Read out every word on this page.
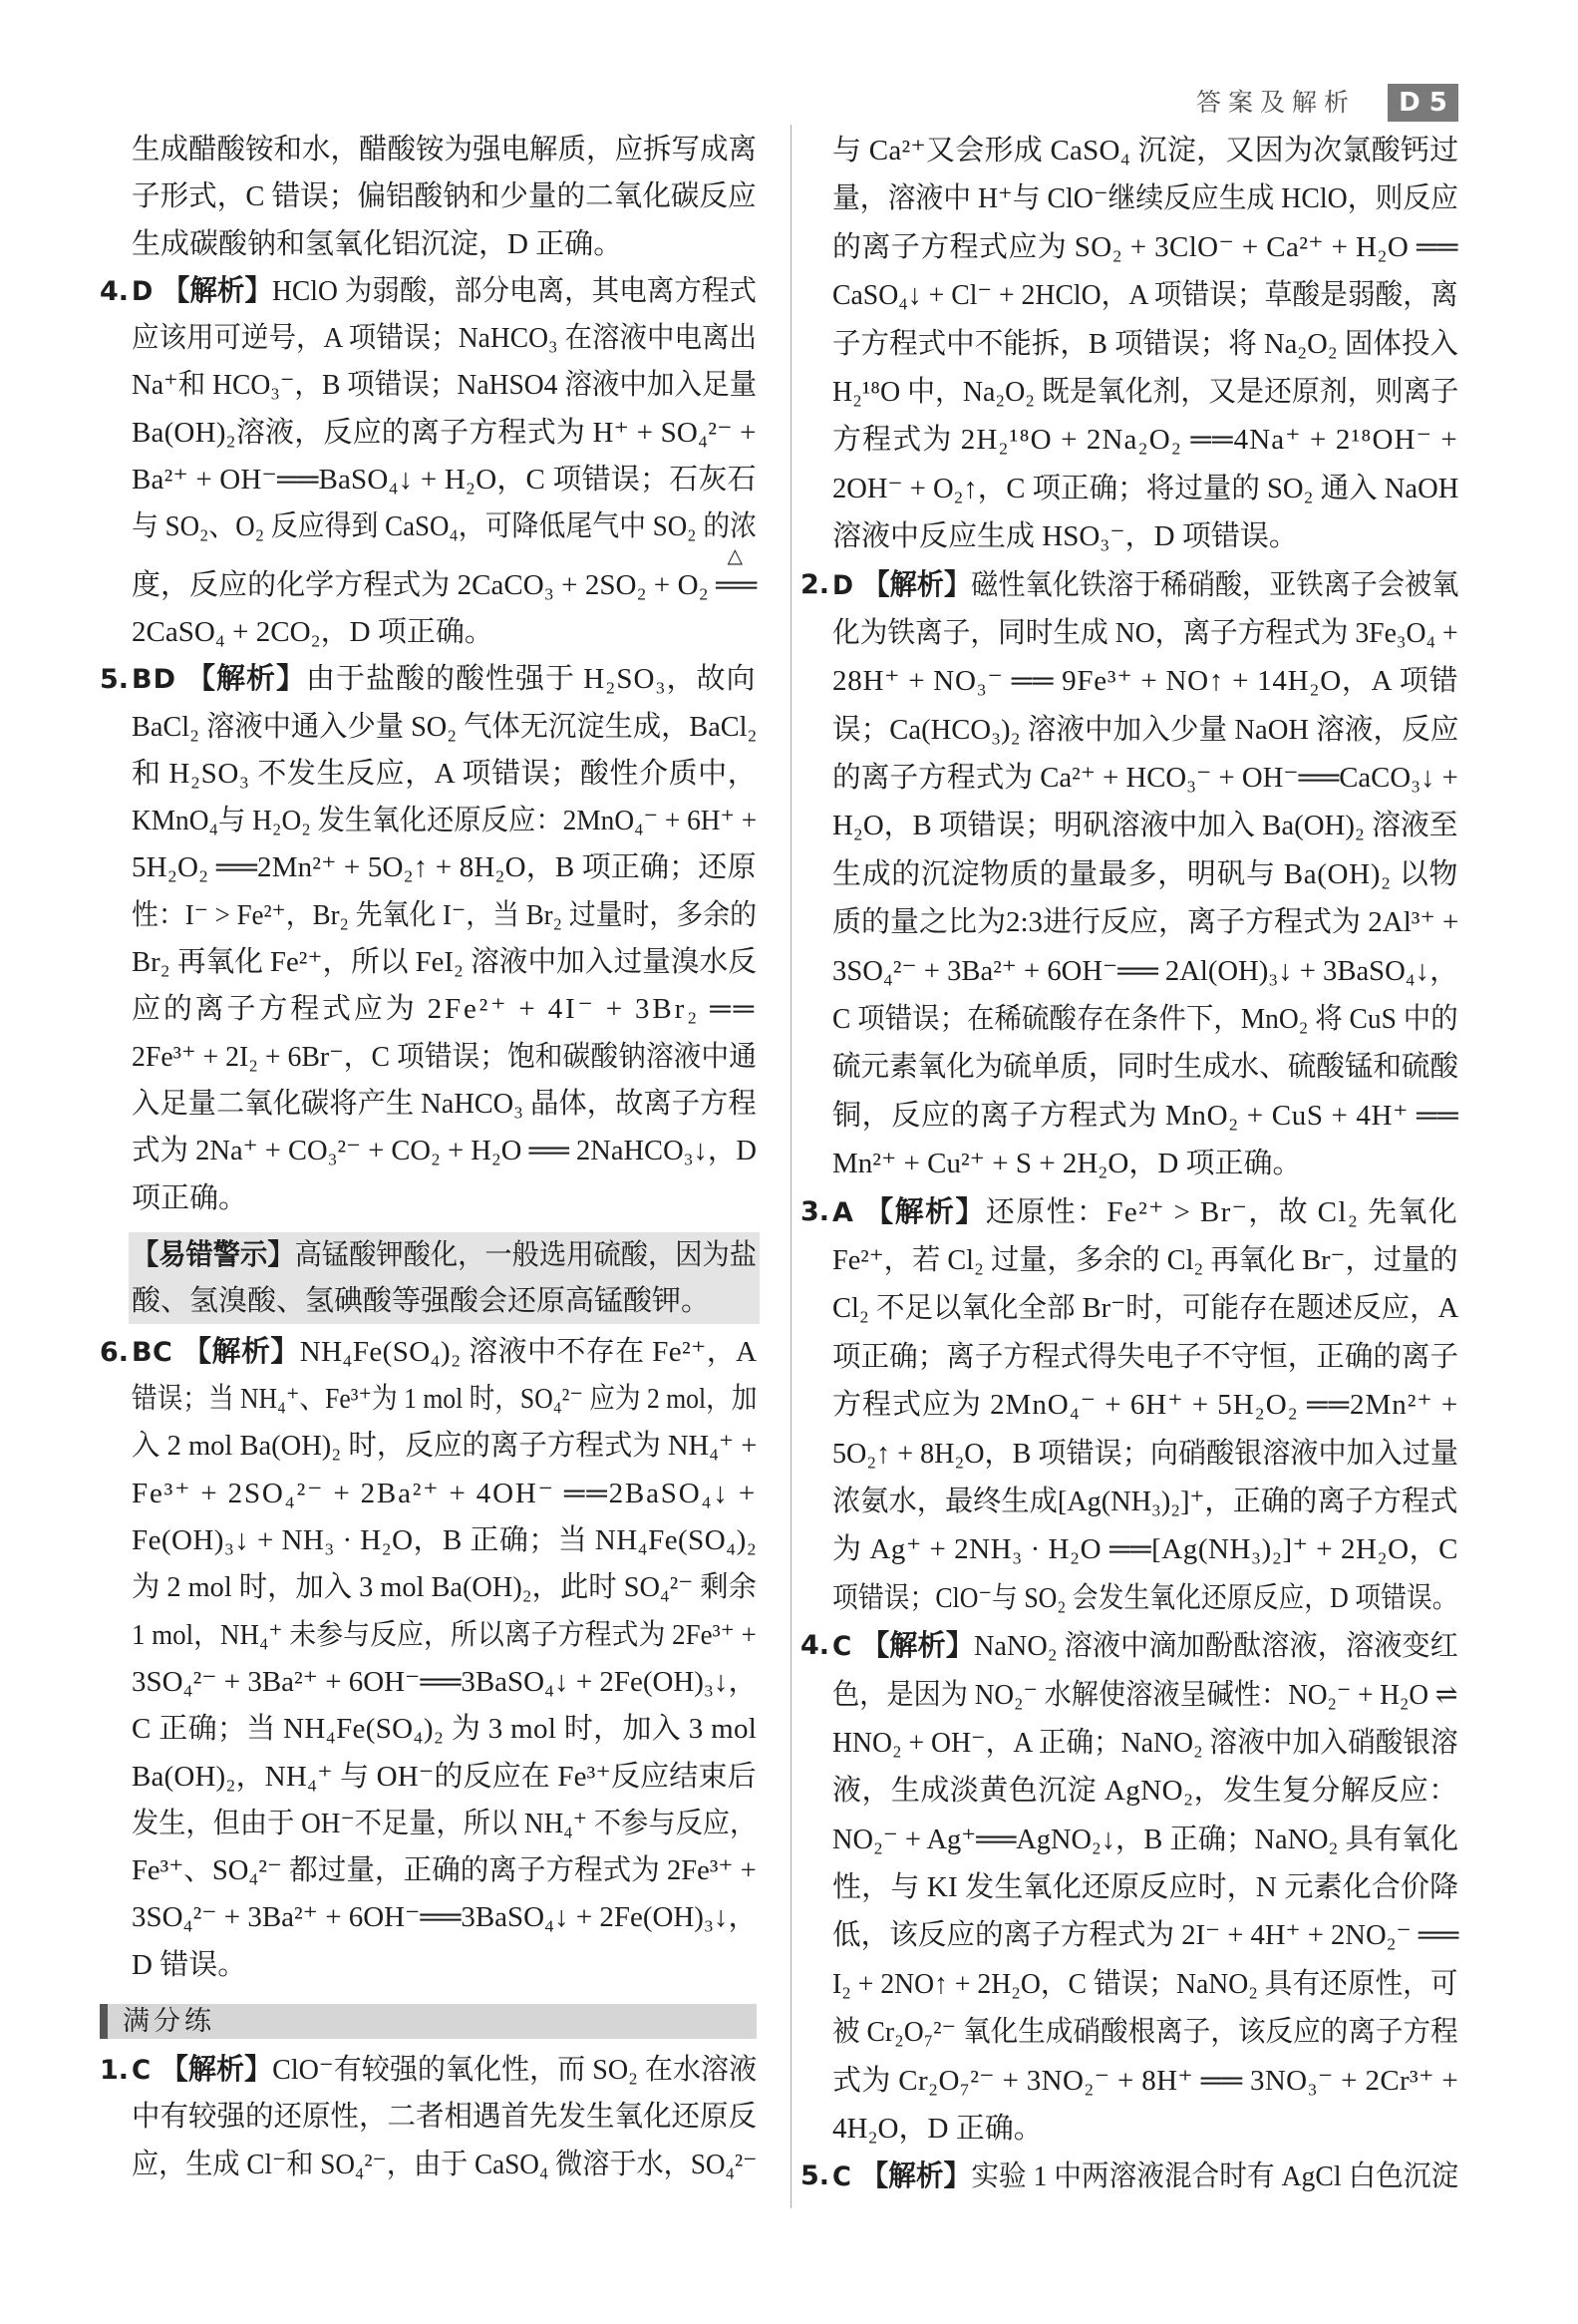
答案及解析	D 5
生成醋酸铵和水，醋酸铵为强电解质，应拆写成离
子形式，C 错误；偏铝酸钠和少量的二氧化碳反应
生成碳酸钠和氢氧化铝沉淀，D 正确。
D 【解析】HClO 为弱酸，部分电离，其电离方程式
4.
应该用可逆号，A 项错误；NaHCO₃ 在溶液中电离出
Na⁺和 HCO₃⁻，B 项错误；NaHSO4 溶液中加入足量
Ba(OH)₂溶液，反应的离子方程式为 H⁺ + SO₄²⁻ +
Ba²⁺ + OH⁻══BaSO₄↓ + H₂O，C 项错误；石灰石
与 SO₂、O₂ 反应得到 CaSO₄，可降低尾气中 SO₂ 的浓
度，反应的化学方程式为 2CaCO₃ + 2SO₂ + O₂ ══
△
2CaSO₄ + 2CO₂，D 项正确。
BD 【解析】由于盐酸的酸性强于 H₂SO₃，故向
5.
BaCl₂ 溶液中通入少量 SO₂ 气体无沉淀生成，BaCl₂
和 H₂SO₃ 不发生反应，A 项错误；酸性介质中，
KMnO₄与 H₂O₂ 发生氧化还原反应：2MnO₄⁻ + 6H⁺ +
5H₂O₂ ══2Mn²⁺ + 5O₂↑ + 8H₂O，B 项正确；还原
性：I⁻ > Fe²⁺，Br₂ 先氧化 I⁻，当 Br₂ 过量时，多余的
Br₂ 再氧化 Fe²⁺，所以 FeI₂ 溶液中加入过量溴水反
应的离子方程式应为 2Fe²⁺ + 4I⁻ + 3Br₂ ══
2Fe³⁺ + 2I₂ + 6Br⁻，C 项错误；饱和碳酸钠溶液中通
入足量二氧化碳将产生 NaHCO₃ 晶体，故离子方程
式为 2Na⁺ + CO₃²⁻ + CO₂ + H₂O ══ 2NaHCO₃↓，D
项正确。
【易错警示】高锰酸钾酸化，一般选用硫酸，因为盐
酸、氢溴酸、氢碘酸等强酸会还原高锰酸钾。
BC 【解析】NH₄Fe(SO₄)₂ 溶液中不存在 Fe²⁺，A
6.
错误；当 NH₄⁺、Fe³⁺为 1 mol 时，SO₄²⁻ 应为 2 mol，加
入 2 mol Ba(OH)₂ 时，反应的离子方程式为 NH₄⁺ +
Fe³⁺ + 2SO₄²⁻ + 2Ba²⁺ + 4OH⁻ ══2BaSO₄↓ +
Fe(OH)₃↓ + NH₃ · H₂O，B 正确；当 NH₄Fe(SO₄)₂
为 2 mol 时，加入 3 mol Ba(OH)₂，此时 SO₄²⁻ 剩余
1 mol，NH₄⁺ 未参与反应，所以离子方程式为 2Fe³⁺ +
3SO₄²⁻ + 3Ba²⁺ + 6OH⁻══3BaSO₄↓ + 2Fe(OH)₃↓，
C 正确；当 NH₄Fe(SO₄)₂ 为 3 mol 时，加入 3 mol
Ba(OH)₂，NH₄⁺ 与 OH⁻的反应在 Fe³⁺反应结束后
发生，但由于 OH⁻不足量，所以 NH₄⁺ 不参与反应，
Fe³⁺、SO₄²⁻ 都过量，正确的离子方程式为 2Fe³⁺ +
3SO₄²⁻ + 3Ba²⁺ + 6OH⁻══3BaSO₄↓ + 2Fe(OH)₃↓，
D 错误。
满分练
C 【解析】ClO⁻有较强的氧化性，而 SO₂ 在水溶液
1.
中有较强的还原性，二者相遇首先发生氧化还原反
应，生成 Cl⁻和 SO₄²⁻，由于 CaSO₄ 微溶于水，SO₄²⁻
与 Ca²⁺又会形成 CaSO₄ 沉淀，又因为次氯酸钙过
量，溶液中 H⁺与 ClO⁻继续反应生成 HClO，则反应
的离子方程式应为 SO₂ + 3ClO⁻ + Ca²⁺ + H₂O ══
CaSO₄↓ + Cl⁻ + 2HClO，A 项错误；草酸是弱酸，离
子方程式中不能拆，B 项错误；将 Na₂O₂ 固体投入
H₂¹⁸O 中，Na₂O₂ 既是氧化剂，又是还原剂，则离子
方程式为 2H₂¹⁸O + 2Na₂O₂ ══4Na⁺ + 2¹⁸OH⁻ +
2OH⁻ + O₂↑，C 项正确；将过量的 SO₂ 通入 NaOH
溶液中反应生成 HSO₃⁻，D 项错误。
D 【解析】磁性氧化铁溶于稀硝酸，亚铁离子会被氧
2.
化为铁离子，同时生成 NO，离子方程式为 3Fe₃O₄ +
28H⁺ + NO₃⁻ ══ 9Fe³⁺ + NO↑ + 14H₂O，A 项错
误；Ca(HCO₃)₂ 溶液中加入少量 NaOH 溶液，反应
的离子方程式为 Ca²⁺ + HCO₃⁻ + OH⁻══CaCO₃↓ +
H₂O，B 项错误；明矾溶液中加入 Ba(OH)₂ 溶液至
生成的沉淀物质的量最多，明矾与 Ba(OH)₂ 以物
质的量之比为2:3进行反应，离子方程式为 2Al³⁺ +
3SO₄²⁻ + 3Ba²⁺ + 6OH⁻══ 2Al(OH)₃↓ + 3BaSO₄↓，
C 项错误；在稀硫酸存在条件下，MnO₂ 将 CuS 中的
硫元素氧化为硫单质，同时生成水、硫酸锰和硫酸
铜，反应的离子方程式为 MnO₂ + CuS + 4H⁺ ══
Mn²⁺ + Cu²⁺ + S + 2H₂O，D 项正确。
A 【解析】还原性：Fe²⁺ > Br⁻，故 Cl₂ 先氧化
3.
Fe²⁺，若 Cl₂ 过量，多余的 Cl₂ 再氧化 Br⁻，过量的
Cl₂ 不足以氧化全部 Br⁻时，可能存在题述反应，A
项正确；离子方程式得失电子不守恒，正确的离子
方程式应为 2MnO₄⁻ + 6H⁺ + 5H₂O₂ ══2Mn²⁺ +
5O₂↑ + 8H₂O，B 项错误；向硝酸银溶液中加入过量
浓氨水，最终生成[Ag(NH₃)₂]⁺，正确的离子方程式
为 Ag⁺ + 2NH₃ · H₂O ══[Ag(NH₃)₂]⁺ + 2H₂O，C
项错误；ClO⁻与 SO₂ 会发生氧化还原反应，D 项错误。
C 【解析】NaNO₂ 溶液中滴加酚酞溶液，溶液变红
4.
色，是因为 NO₂⁻ 水解使溶液呈碱性：NO₂⁻ + H₂O ⇌
HNO₂ + OH⁻，A 正确；NaNO₂ 溶液中加入硝酸银溶
液，生成淡黄色沉淀 AgNO₂，发生复分解反应：
NO₂⁻ + Ag⁺══AgNO₂↓，B 正确；NaNO₂ 具有氧化
性，与 KI 发生氧化还原反应时，N 元素化合价降
低，该反应的离子方程式为 2I⁻ + 4H⁺ + 2NO₂⁻ ══
I₂ + 2NO↑ + 2H₂O，C 错误；NaNO₂ 具有还原性，可
被 Cr₂O₇²⁻ 氧化生成硝酸根离子，该反应的离子方程
式为 Cr₂O₇²⁻ + 3NO₂⁻ + 8H⁺ ══ 3NO₃⁻ + 2Cr³⁺ +
4H₂O，D 正确。
C 【解析】实验 1 中两溶液混合时有 AgCl 白色沉淀
5.
